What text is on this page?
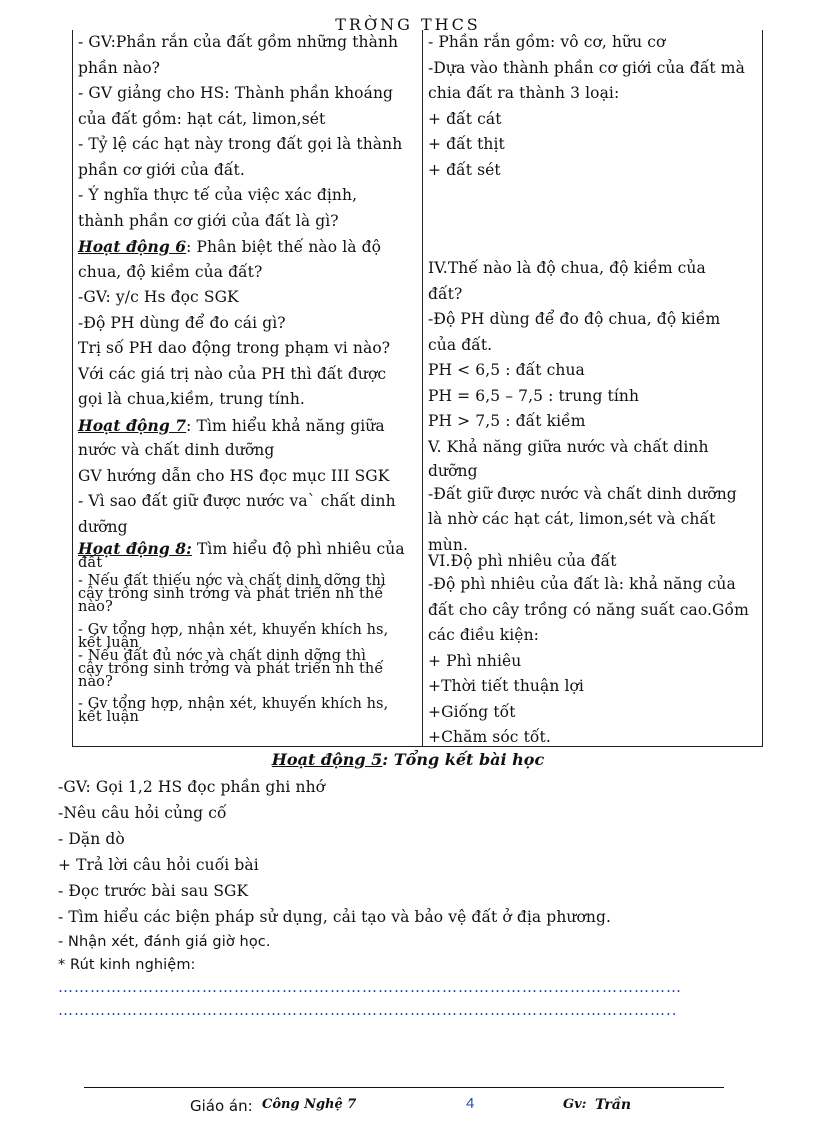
TRỜNG THCS
- GV:Phần rắn của đất gồm những thành
phần nào?
- GV giảng cho HS: Thành phần khoáng
của đất gồm: hạt cát, limon,sét
- Tỷ lệ các hạt này trong đất gọi là thành
phần cơ giới của đất.
- Ý nghĩa thực tế của việc xác định,
thành phần cơ giới của đất là gì?
Hoạt động 6: Phân biệt thế nào là độ
chua, độ kiềm của đất?
-GV: y/c Hs đọc SGK
-Độ PH dùng để đo cái gì?
Trị số PH dao động trong phạm vi nào?
Với các giá trị nào của PH thì đất được
gọi là chua,kiềm, trung tính.
Hoạt động 7: Tìm hiểu khả năng giữa
nước và chất dinh dưỡng
GV hướng dẫn cho HS đọc mục III SGK
- Vì sao đất giữ được nước va` chất dinh
dưỡng
Hoạt động 8: Tìm hiểu độ phì nhiêu của
đất
- Nếu đất thiếu nớc và chất dinh dỡng thì
cây trồng sinh trởng và phát triển nh thế
nào?
- Gv tổng hợp, nhận xét, khuyến khích hs,
kết luận
- Nếu đất đủ nớc và chất dinh dỡng thì
cây trồng sinh trởng và phát triển nh thế
nào?
- Gv tổng hợp, nhận xét, khuyến khích hs,
kết luận
- Phần rắn gồm: vô cơ, hữu cơ
-Dựa vào thành phần cơ giới của đất mà
chia đất ra thành 3 loại:
+ đất cát
+ đất thịt
+ đất sét
IV.Thế nào là độ chua, độ kiềm của
đất?
-Độ PH dùng để đo độ chua, độ kiềm
của đất.
PH < 6,5 : đất chua
PH = 6,5 – 7,5 : trung tính
PH > 7,5 : đất kiềm
V. Khả năng giữa nước và chất dinh
dưỡng
-Đất giữ được nước và chất dinh dưỡng
là nhờ các hạt cát, limon,sét và chất
mùn.
VI.Độ phì nhiêu của đất
-Độ phì nhiêu của đất là: khả năng của
đất cho cây trồng có năng suất cao.Gồm
các điều kiện:
+ Phì nhiêu
+Thời tiết thuận lợi
+Giống tốt
+Chăm sóc tốt.
Hoạt động 5: Tổng kết bài học
-GV: Gọi 1,2 HS đọc phần ghi nhớ
-Nêu câu hỏi củng cố
- Dặn dò
+ Trả lời câu hỏi cuối bài
- Đọc trước bài sau SGK
- Tìm hiểu các biện pháp sử dụng, cải tạo và bảo vệ đất ở địa phương.
- Nhận xét, đánh giá giờ học.
* Rút kinh nghiệm:
………………………………………………………………………………………………………
……………………………………………………………………………………………………..
Giáo án: Công Nghệ 7	4	Gv: Trần
